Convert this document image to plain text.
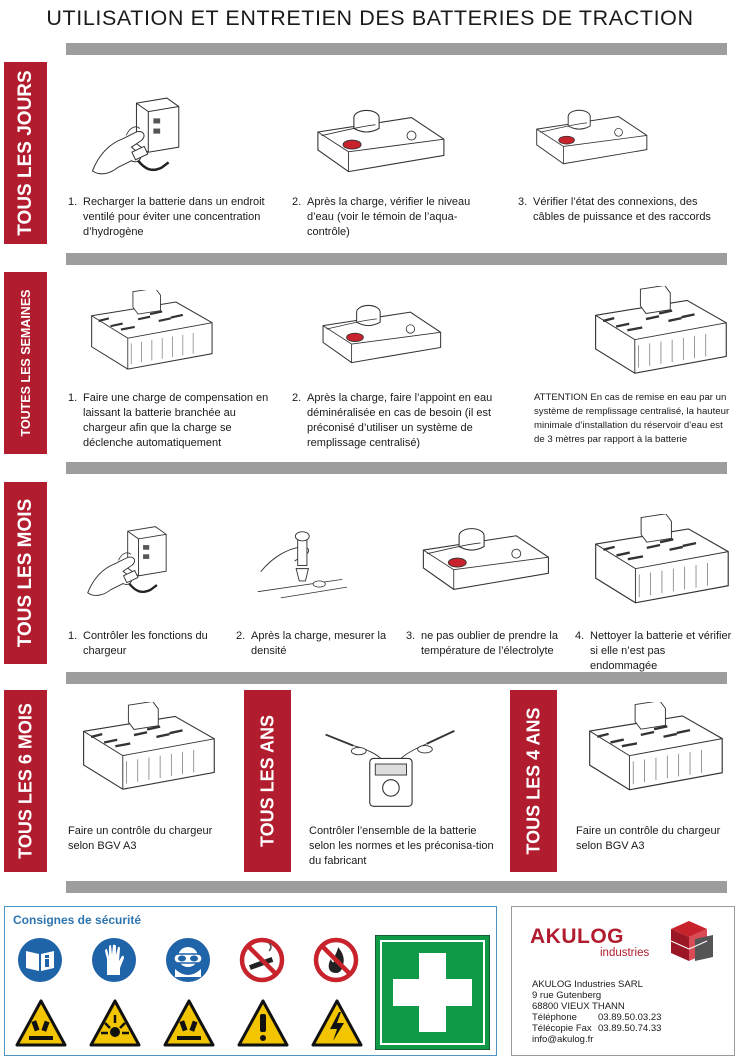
UTILISATION ET ENTRETIEN DES BATTERIES DE TRACTION
TOUS LES JOURS	1. Recharger la batterie dans un endroit ventilé pour éviter une concentration d’hydrogène
2. Après la charge, vérifier le niveau d’eau (voir le témoin de l’aqua-contrôle)
3. Vérifier l’état des connexions, des câbles de puissance et des raccords
TOUTES LES SEMAINES	1. Faire une charge de compensation en laissant la batterie branchée au chargeur afin que la charge se déclenche automatiquement
2. Après la charge, faire l’appoint en eau déminéralisée en cas de besoin (il est préconisé d’utiliser un système de remplissage centralisé)
ATTENTION En cas de remise en eau par un système de remplissage centralisé, la hauteur minimale d’installation du réservoir d’eau est de 3 mètres par rapport à la batterie
TOUS LES MOIS	1. Contrôler les fonctions du chargeur
2. Après la charge, mesurer la densité
3. ne pas oublier de prendre la température de l’électrolyte
4. Nettoyer la batterie et vérifier si elle n’est pas endommagée
TOUS LES 6 MOIS	TOUS LES ANS	TOUS LES 4 ANS
Faire un contrôle du chargeur selon BGV A3
Contrôler l’ensemble de la batterie selon les normes et les préconisa-tion du fabricant
Faire un contrôle du chargeur selon BGV A3
Consignes de sécurité
AKULOG
industries
AKULOG Industries SARL
9 rue Gutenberg
68800 VIEUX THANN
Téléphone 03.89.50.03.23
Télécopie Fax 03.89.50.74.33
info@akulog.fr
